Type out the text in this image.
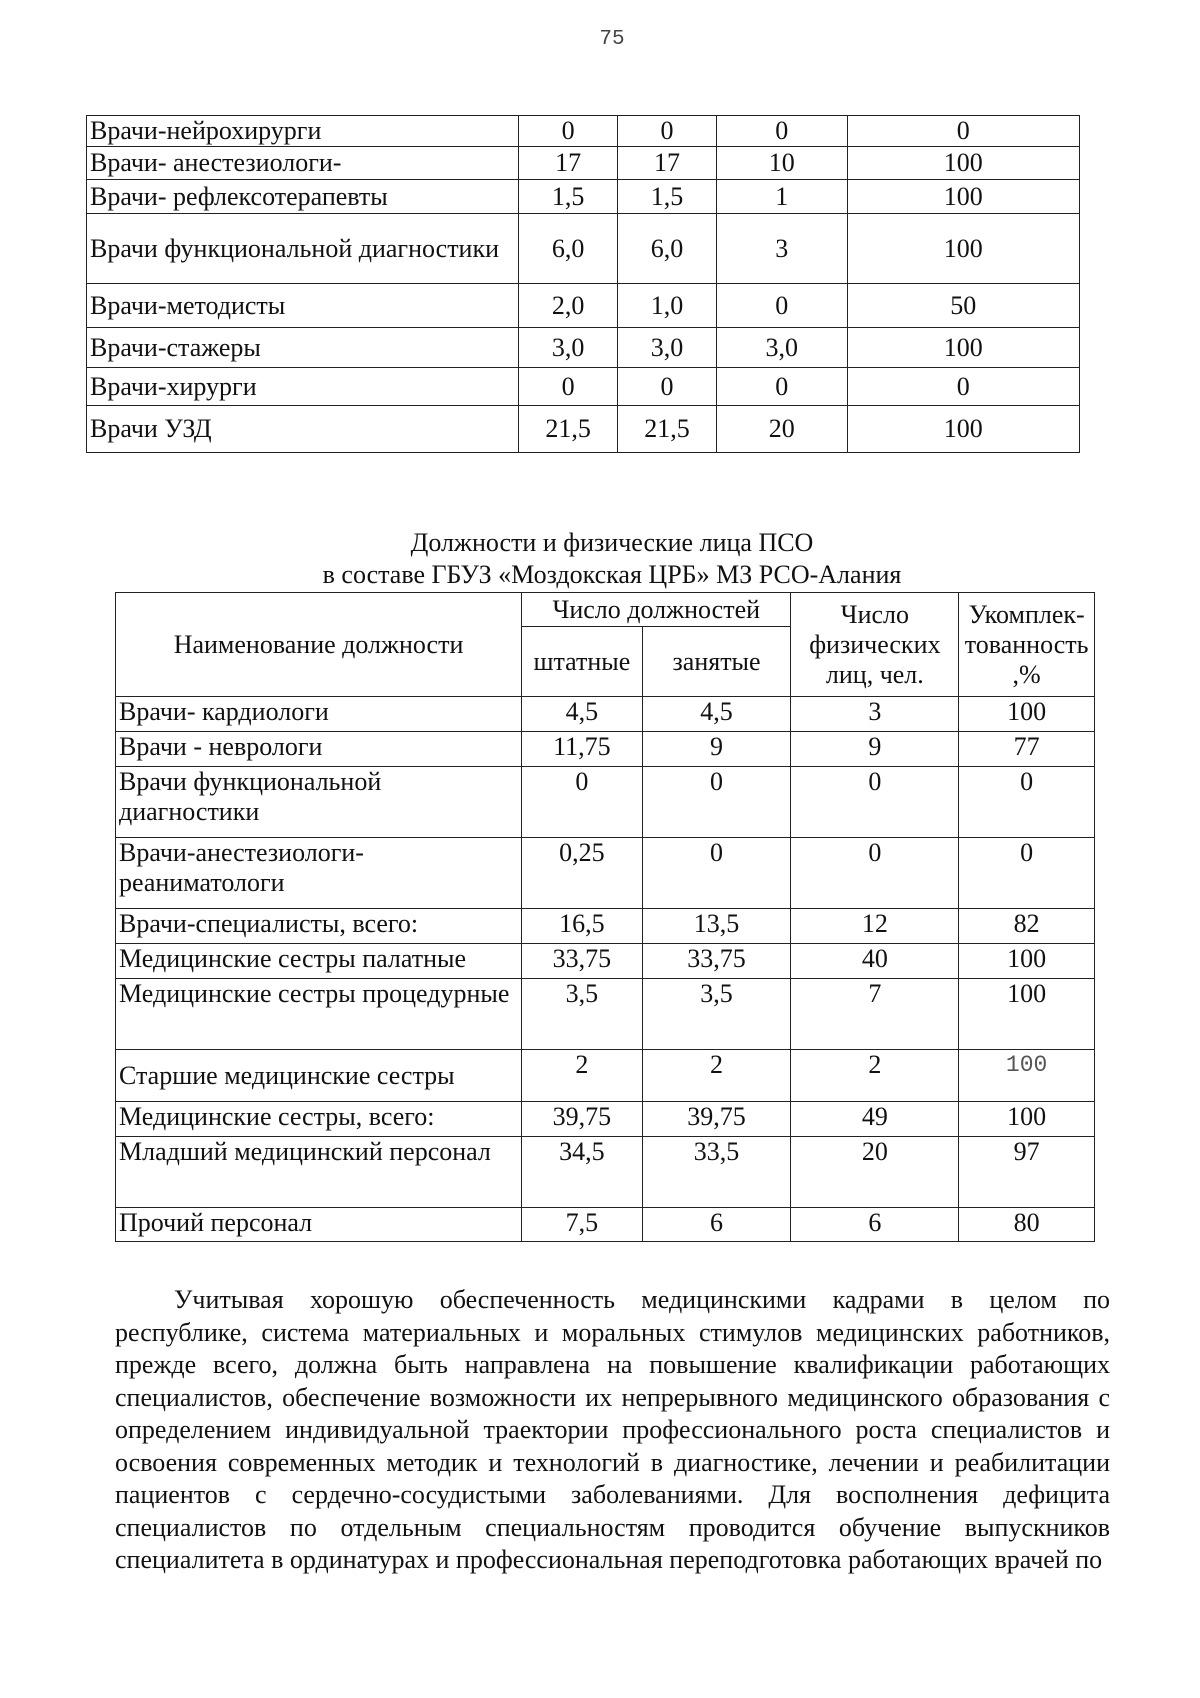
75
Врачи-нейрохирурги	0	0	0	0
Врачи- анестезиологи-	17	17	10	100
Врачи- рефлексотерапевты	1,5	1,5	1	100
Врачи функциональной диагностики	6,0	6,0	3	100
Врачи-методисты	2,0	1,0	0	50
Врачи-стажеры	3,0	3,0	3,0	100
Врачи-хирурги	0	0	0	0
Врачи УЗД	21,5	21,5	20	100
Должности и физические лица ПСО
в составе ГБУЗ «Моздокская ЦРБ» МЗ РСО-Алания
Наименование должности	Число должностей		Число физических лиц, чел.	Укомплек-тованность ,%
	штатные	занятые		
Врачи- кардиологи	4,5	4,5	3	100
Врачи - неврологи	11,75	9	9	77
Врачи функциональной диагностики	0	0	0	0
Врачи-анестезиологи-реаниматологи	0,25	0	0	0
Врачи-специалисты, всего:	16,5	13,5	12	82
Медицинские сестры палатные	33,75	33,75	40	100
Медицинские сестры процедурные	3,5	3,5	7	100
Старшие медицинские сестры	2	2	2	100
Медицинские сестры, всего:	39,75	39,75	49	100
Младший медицинский персонал	34,5	33,5	20	97
Прочий персонал	7,5	6	6	80

Учитывая хорошую обеспеченность медицинскими кадрами в целом по республике, система материальных и моральных стимулов медицинских работников, прежде всего, должна быть направлена на повышение квалификации работающих специалистов, обеспечение возможности их непрерывного медицинского образования с определением индивидуальной траектории профессионального роста специалистов и освоения современных методик и технологий в диагностике, лечении и реабилитации пациентов с сердечно-сосудистыми заболеваниями. Для восполнения дефицита специалистов по отдельным специальностям проводится обучение выпускников специалитета в ординатурах и профессиональная переподготовка работающих врачей по
